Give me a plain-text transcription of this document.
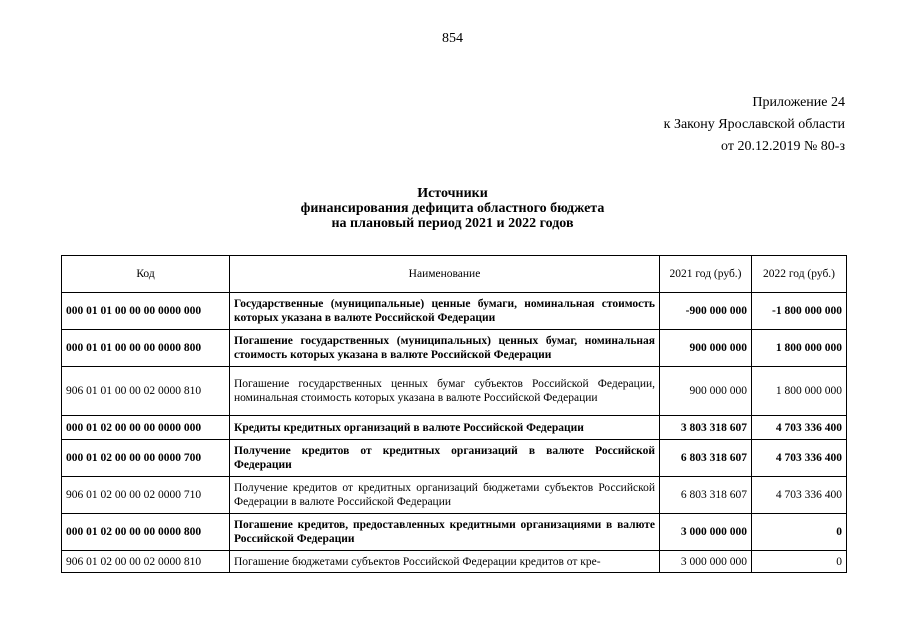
854
Приложение 24
к Закону Ярославской области
от 20.12.2019 № 80-з
Источники
финансирования дефицита областного бюджета
на плановый период 2021 и 2022 годов
Код	Наименование	2021 год (руб.)	2022 год (руб.)
000 01 01 00 00 00 0000 000	Государственные (муниципальные) ценные бумаги, номинальная стоимость которых указана в валюте Российской Федерации	-900 000 000	-1 800 000 000
000 01 01 00 00 00 0000 800	Погашение государственных (муниципальных) ценных бумаг, номинальная стоимость которых указана в валюте Российской Федерации	900 000 000	1 800 000 000
906 01 01 00 00 02 0000 810	Погашение государственных ценных бумаг субъектов Российской Федерации, номинальная стоимость которых указана в валюте Российской Федерации	900 000 000	1 800 000 000
000 01 02 00 00 00 0000 000	Кредиты кредитных организаций в валюте Российской Федерации	3 803 318 607	4 703 336 400
000 01 02 00 00 00 0000 700	Получение кредитов от кредитных организаций в валюте Российской Федерации	6 803 318 607	4 703 336 400
906 01 02 00 00 02 0000 710	Получение кредитов от кредитных организаций бюджетами субъектов Российской Федерации в валюте Российской Федерации	6 803 318 607	4 703 336 400
000 01 02 00 00 00 0000 800	Погашение кредитов, предоставленных кредитными организациями в валюте Российской Федерации	3 000 000 000	0
906 01 02 00 00 02 0000 810	Погашение бюджетами субъектов Российской Федерации кредитов от кре-	3 000 000 000	0
